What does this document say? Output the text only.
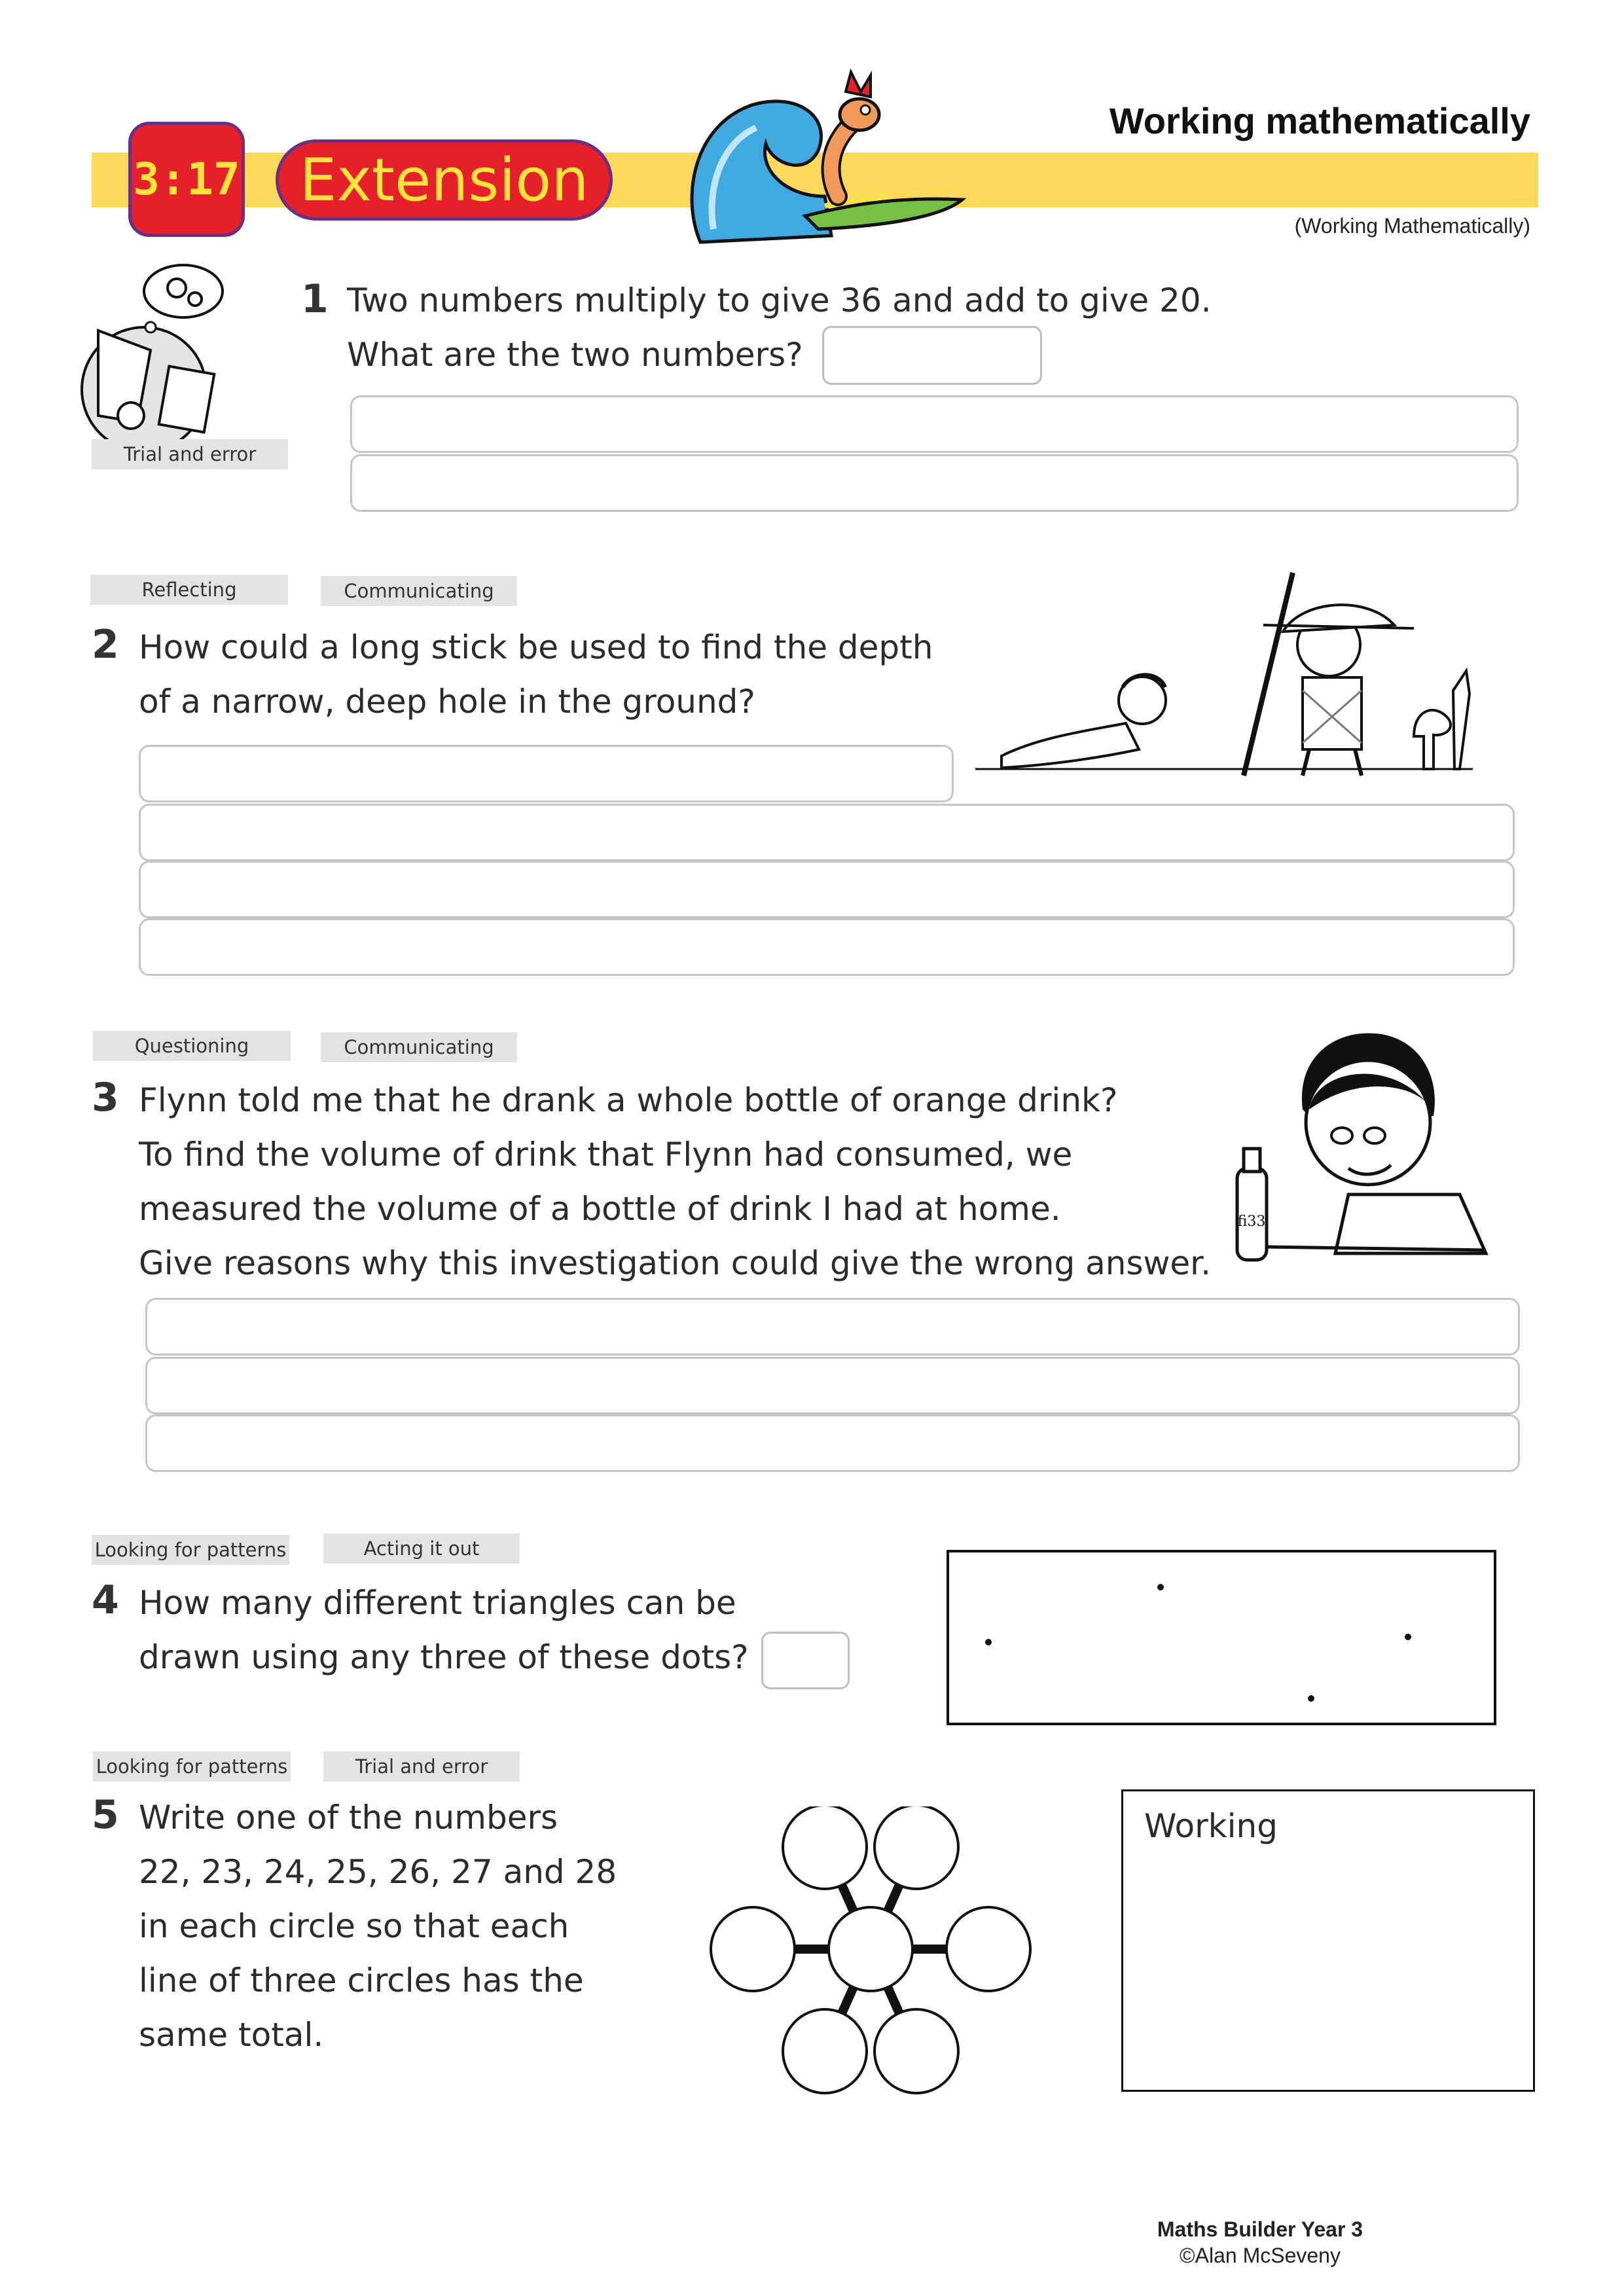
3:17 Extension
Working mathematically
(Working Mathematically)
Trial and error
1 Two numbers multiply to give 36 and add to give 20.
What are the two numbers?
Reflecting	Communicating
2 How could a long stick be used to find the depth
of a narrow, deep hole in the ground?
Questioning	Communicating
3 Flynn told me that he drank a whole bottle of orange drink?
To find the volume of drink that Flynn had consumed, we
measured the volume of a bottle of drink I had at home.
Give reasons why this investigation could give the wrong answer.
fi33
Looking for patterns	Acting it out
4 How many different triangles can be
drawn using any three of these dots?
Looking for patterns	Trial and error
5 Write one of the numbers
22, 23, 24, 25, 26, 27 and 28
in each circle so that each
line of three circles has the
same total.
Working
Maths Builder Year 3
©Alan McSeveny
